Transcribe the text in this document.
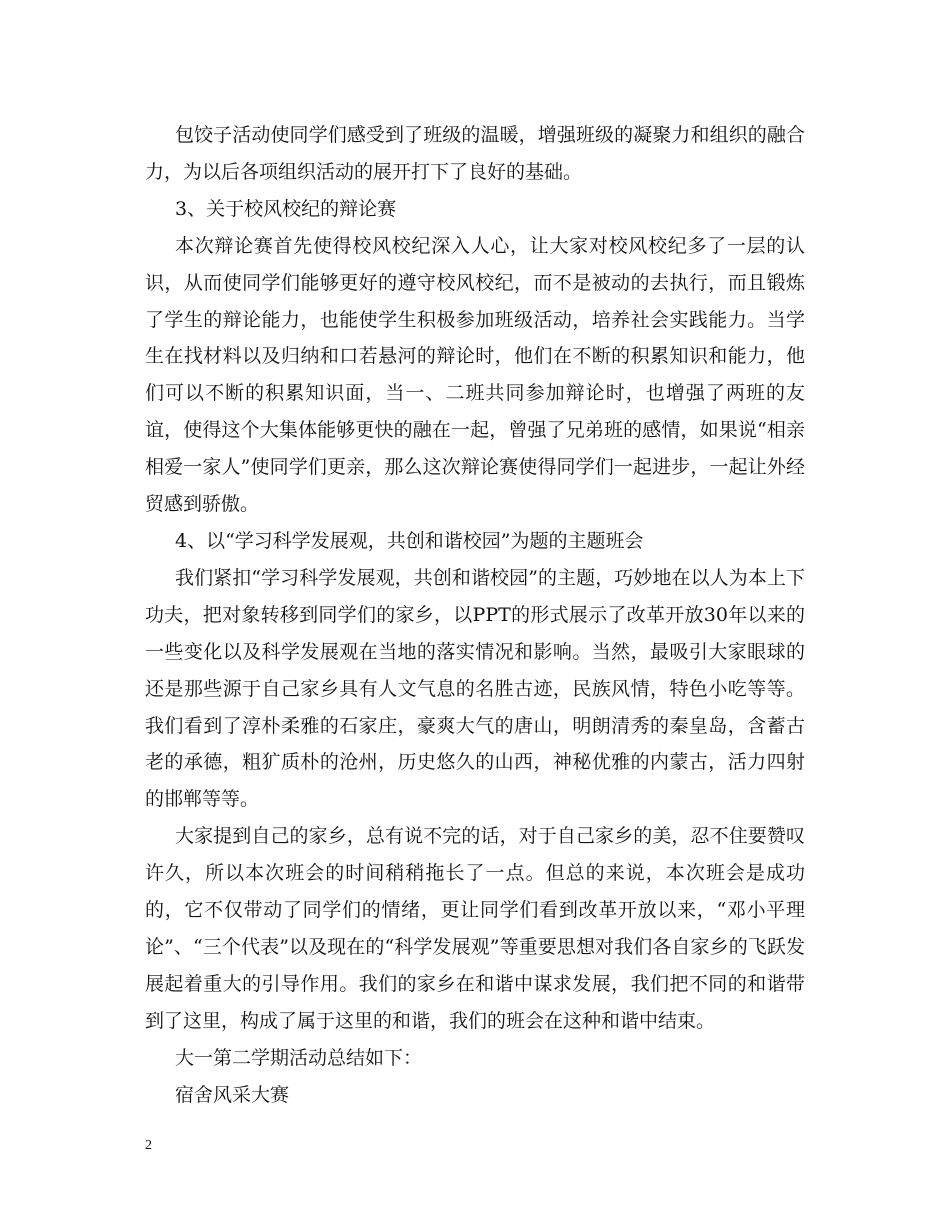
包饺子活动使同学们感受到了班级的温暖，增强班级的凝聚力和组织的融合力，为以后各项组织活动的展开打下了良好的基础。

3、关于校风校纪的辩论赛

本次辩论赛首先使得校风校纪深入人心，让大家对校风校纪多了一层的认识，从而使同学们能够更好的遵守校风校纪，而不是被动的去执行，而且锻炼了学生的辩论能力，也能使学生积极参加班级活动，培养社会实践能力。当学生在找材料以及归纳和口若悬河的辩论时，他们在不断的积累知识和能力，他们可以不断的积累知识面，当一、二班共同参加辩论时，也增强了两班的友谊，使得这个大集体能够更快的融在一起，曾强了兄弟班的感情，如果说“相亲相爱一家人”使同学们更亲，那么这次辩论赛使得同学们一起进步，一起让外经贸感到骄傲。

4、以“学习科学发展观，共创和谐校园”为题的主题班会

我们紧扣“学习科学发展观，共创和谐校园”的主题，巧妙地在以人为本上下功夫，把对象转移到同学们的家乡，以PPT的形式展示了改革开放30年以来的一些变化以及科学发展观在当地的落实情况和影响。当然，最吸引大家眼球的还是那些源于自己家乡具有人文气息的名胜古迹，民族风情，特色小吃等等。我们看到了淳朴柔雅的石家庄，豪爽大气的唐山，明朗清秀的秦皇岛，含蓄古老的承德，粗犷质朴的沧州，历史悠久的山西，神秘优雅的内蒙古，活力四射的邯郸等等。

大家提到自己的家乡，总有说不完的话，对于自己家乡的美，忍不住要赞叹许久，所以本次班会的时间稍稍拖长了一点。但总的来说，本次班会是成功的，它不仅带动了同学们的情绪，更让同学们看到改革开放以来，“邓小平理论”、“三个代表”以及现在的“科学发展观”等重要思想对我们各自家乡的飞跃发展起着重大的引导作用。我们的家乡在和谐中谋求发展，我们把不同的和谐带到了这里，构成了属于这里的和谐，我们的班会在这种和谐中结束。

大一第二学期活动总结如下：

宿舍风采大赛

2
